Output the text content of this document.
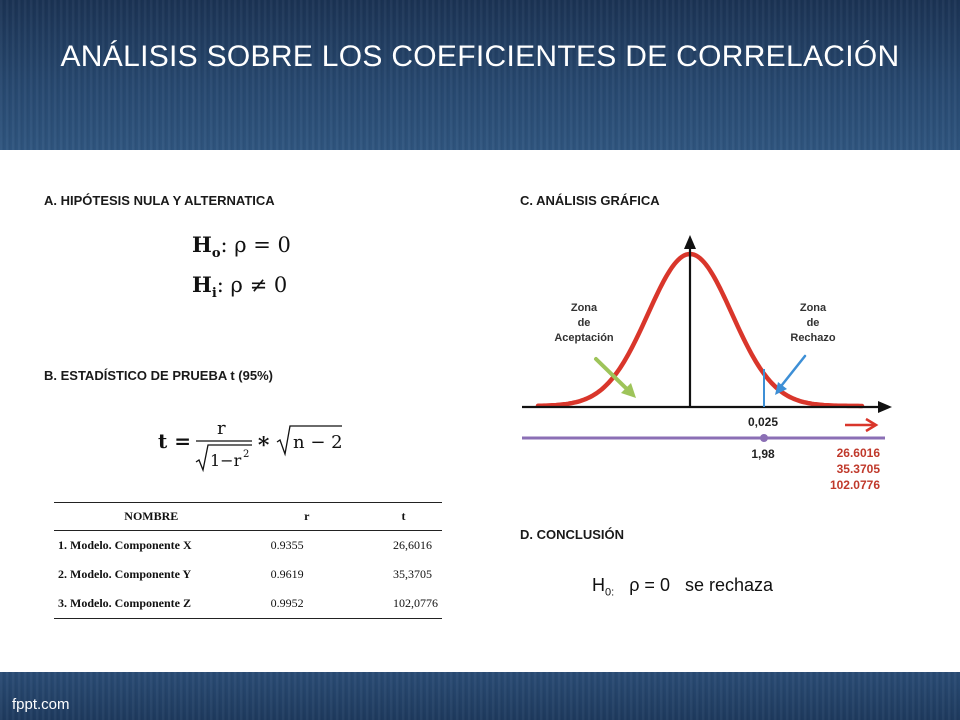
ANÁLISIS SOBRE LOS COEFICIENTES DE CORRELACIÓN
A. HIPÓTESIS NULA Y ALTERNATICA
$H_o$: ρ = 0
$H_i$: ρ ≠ 0
B. ESTADÍSTICO DE PRUEBA t (95%)
t =
r
1−r 2
∗ n − 2
NOMBRE	r	t
1. Modelo. Componente X	0.9355	26,6016
2. Modelo. Componente Y	0.9619	35,3705
3. Modelo. Componente Z	0.9952	102,0776
C. ANÁLISIS GRÁFICA
Zona
de
Aceptación
Zona
de
Rechazo
0,025
1,98	26.6016
35.3705
102.0776
D. CONCLUSIÓN
$H_{0:}$   ρ = 0   se rechaza
fppt.com
